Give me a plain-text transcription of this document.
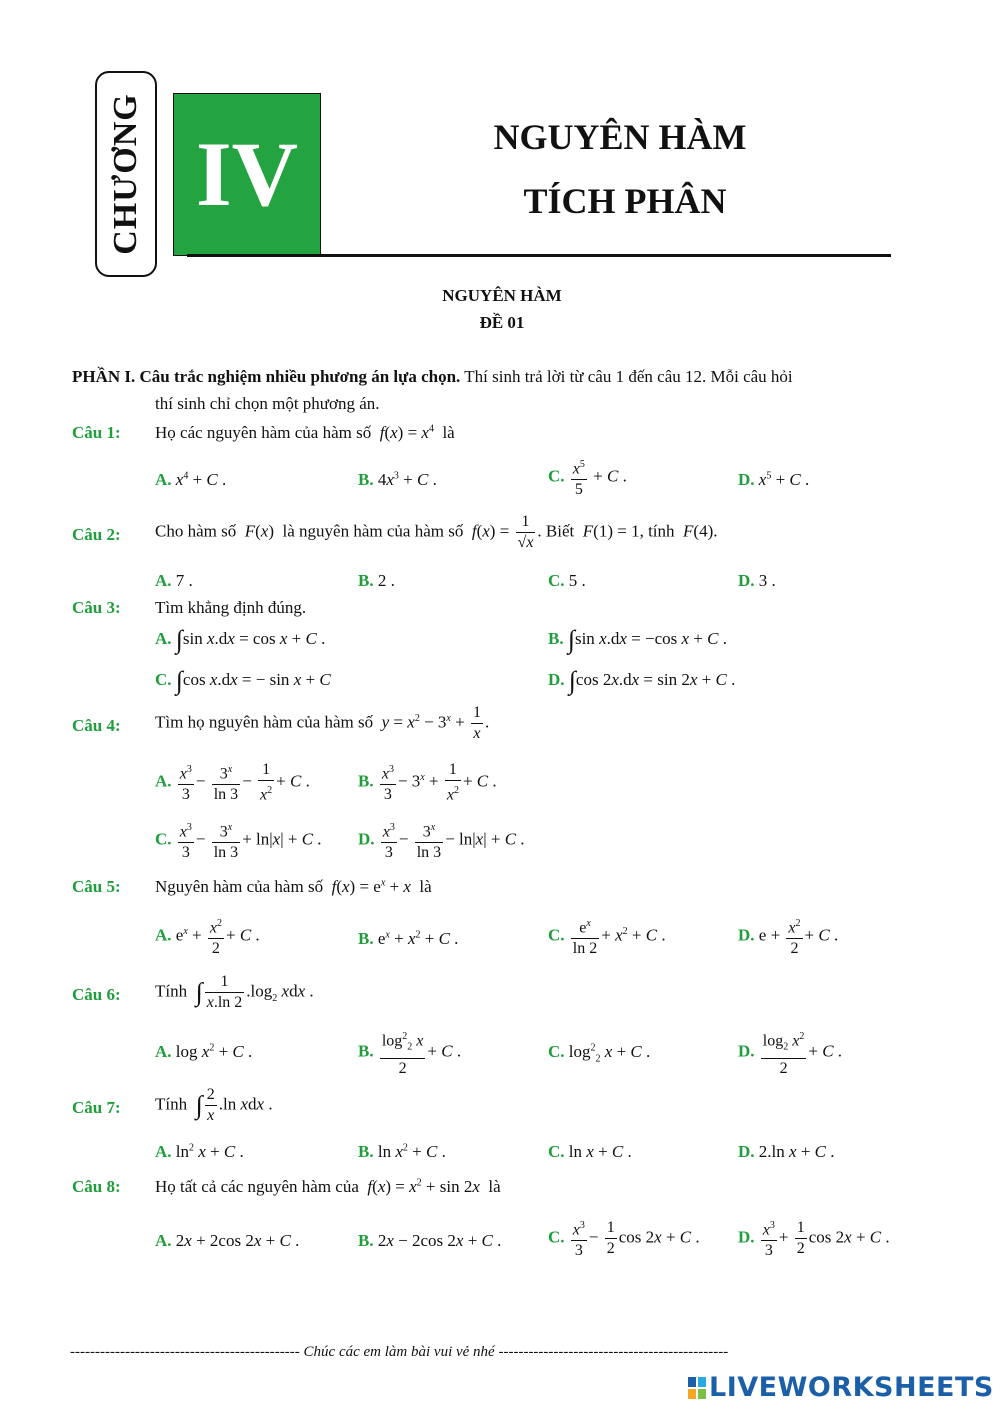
CHƯƠNG IV	NGUYÊN HÀM
TÍCH PHÂN
NGUYÊN HÀM
ĐỀ 01
PHẦN I. Câu trắc nghiệm nhiều phương án lựa chọn. Thí sinh trả lời từ câu 1 đến câu 12. Mỗi câu hỏi
thí sinh chỉ chọn một phương án.
Câu 1: Họ các nguyên hàm của hàm số $f(x) = x^4$ là
A. $x^4 + C$ .	B. $4x^3 + C$ .	C. $\frac{x^5}{5} + C$ .	D. $x^5 + C$ .
Câu 2: Cho hàm số F(x)  là nguyên hàm của hàm số $f(x) = \frac{1}{√x}$ . Biết F(1) = 1, tính F(4).
A. 7 .	B. 2 .	C. 5 .	D. 3 .
Câu 3: Tìm khẳng định đúng.
A. ∫sin x.dx = cos x + C .	B. ∫sin x.dx = −cos x + C .
C. ∫cos x.dx = − sin x + C	D. ∫cos 2x.dx = sin 2x + C .
Câu 4: Tìm họ nguyên hàm của hàm số $y = x^2 - 3^x + \frac{1}{x}$ .
A. $\frac{x^3}{3} - \frac{3^x}{\ln 3} - \frac{1}{x^2} + C$ .	B. $\frac{x^3}{3} - 3^x + \frac{1}{x^2} + C$ .
C. $\frac{x^3}{3} - \frac{3^x}{\ln 3} + \ln|x| + C$ . D. $\frac{x^3}{3} - \frac{3^x}{\ln 3} - \ln|x| + C$ .
Câu 5: Nguyên hàm của hàm số $f(x) = e^x + x$ là
A. $e^x + \frac{x^2}{2} + C$ .	B. $e^x + x^2 + C$ .	C. $\frac{e^x}{\ln 2} + x^2 + C$ .	D. $e + \frac{x^2}{2} + C$ .
Câu 6: Tính ∫ $\frac{1}{x.\ln 2} .\log_2$ xdx .
A. $\log x^2 + C$ .	B. $\frac{\log^2_2 x}{2} + C$ .	C. $\log^2_2 x + C$ .	D. $\frac{\log_2 x^2}{2} + C$ .
Câu 7: Tính ∫ $\frac{2}{x} .\ln$ xdx .
A. $\ln^2 x + C$ .	B. $\ln x^2 + C$ .	C. ln x + C .	D. 2.ln x + C .
Câu 8: Họ tất cả các nguyên hàm của $f(x) = x^2 + \sin 2x$ là
A. 2x + 2cos 2x + C .	B. 2x − 2cos 2x + C .	C. $\frac{x^3}{3} - \frac{1}{2}$ cos 2x + C . D. $\frac{x^3}{3} + \frac{1}{2}$ cos 2x + C .
---------------------------------------------- Chúc các em làm bài vui vẻ nhé ----------------------------------------------
LIVEWORKSHEETS
